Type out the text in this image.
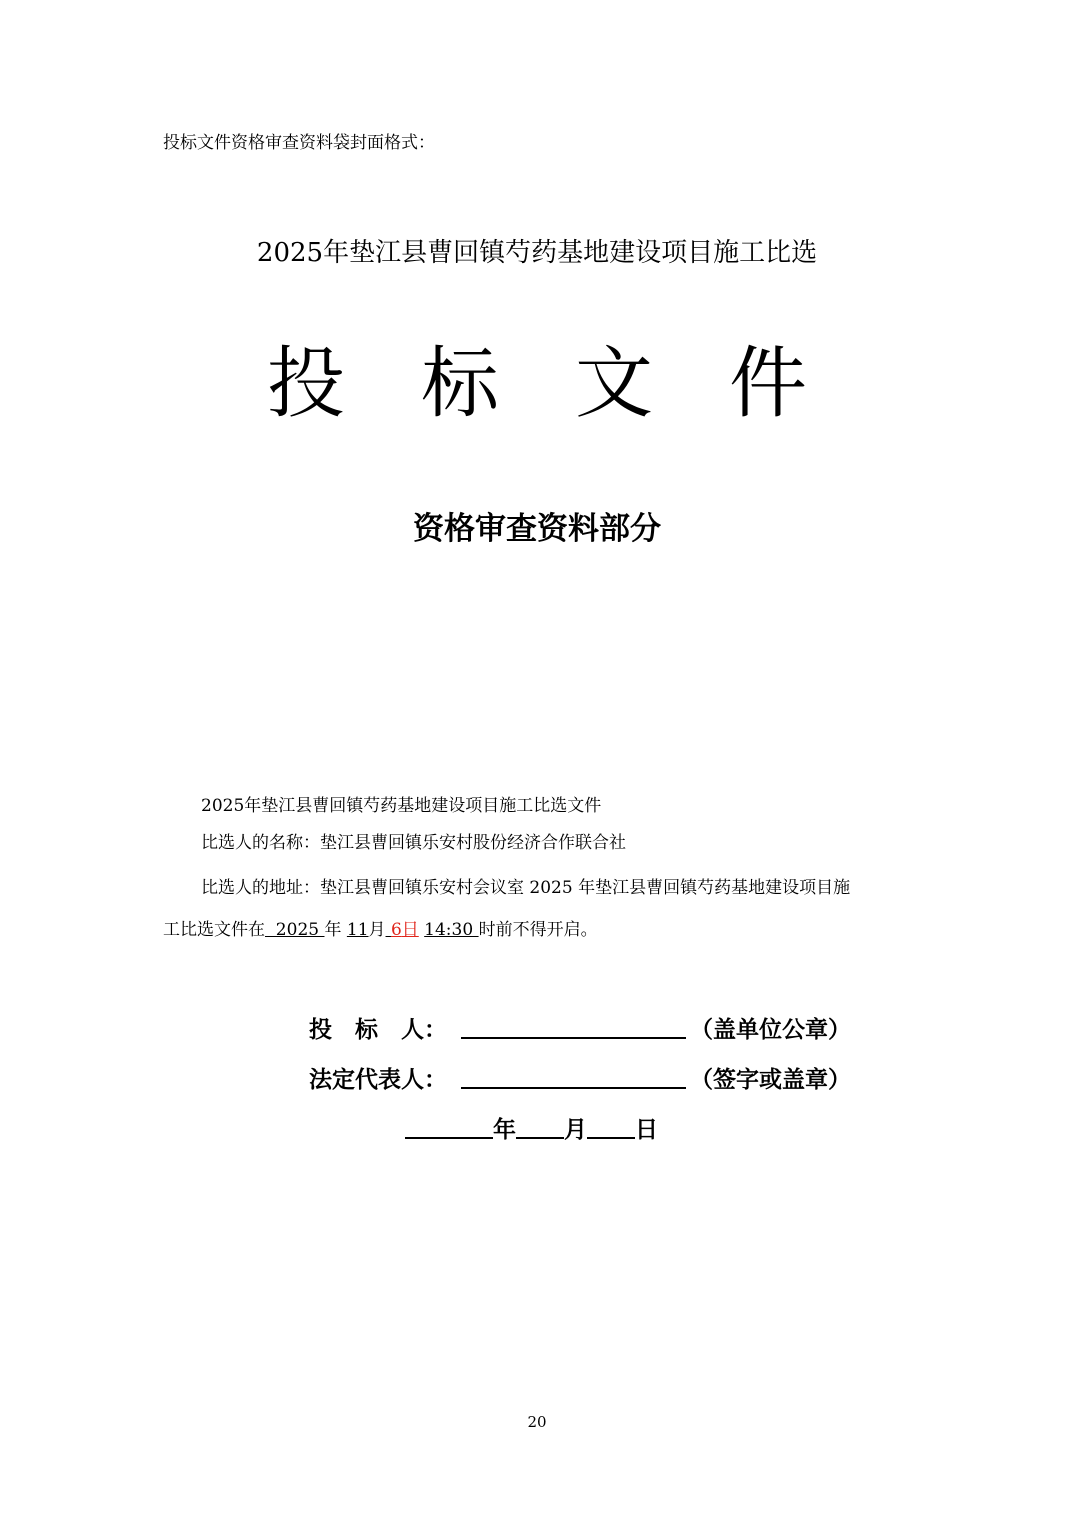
投标文件资格审查资料袋封面格式：
2025年垫江县曹回镇芍药基地建设项目施工比选
投 标 文 件
资格审查资料部分
2025年垫江县曹回镇芍药基地建设项目施工比选文件
比选人的名称：垫江县曹回镇乐安村股份经济合作联合社
比选人的地址：垫江县曹回镇乐安村会议室 2025 年垫江县曹回镇芍药基地建设项目施
工比选文件在  2025 年 11月 6日 14:30 时前不得开启。
投　标　人：	（盖单位公章）
法定代表人：	（签字或盖章）
年 月 日
20
